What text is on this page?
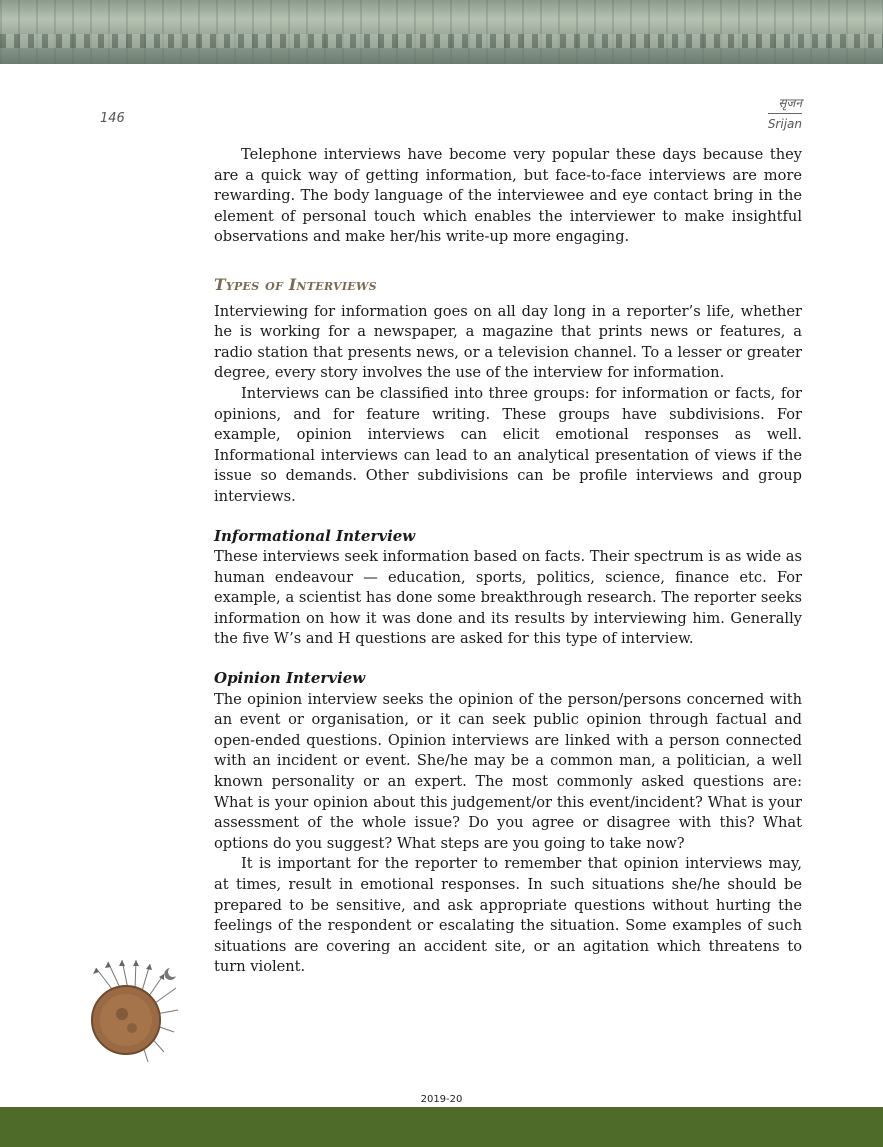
146
सृजन
Srijan

Telephone interviews have become very popular these days because they are a quick way of getting information, but face-to-face interviews are more rewarding. The body language of the interviewee and eye contact bring in the element of personal touch which enables the interviewer to make insightful observations and make her/his write-up more engaging.

Types of Interviews

Interviewing for information goes on all day long in a reporter’s life, whether he is working for a newspaper, a magazine that prints news or features, a radio station that presents news, or a television channel. To a lesser or greater degree, every story involves the use of the interview for information.

Interviews can be classified into three groups: for information or facts, for opinions, and for feature writing. These groups have subdivisions. For example, opinion interviews can elicit emotional responses as well. Informational interviews can lead to an analytical presentation of views if the issue so demands. Other subdivisions can be profile interviews and group interviews.

Informational Interview

These interviews seek information based on facts. Their spectrum is as wide as human endeavour — education, sports, politics, science, finance etc. For example, a scientist has done some breakthrough research. The reporter seeks information on how it was done and its results by interviewing him. Generally the five W’s and H questions are asked for this type of interview.

Opinion Interview

The opinion interview seeks the opinion of the person/persons concerned with an event or organisation, or it can seek public opinion through factual and open-ended questions. Opinion interviews are linked with a person connected with an incident or event. She/he may be a common man, a politician, a well known personality or an expert. The most commonly asked questions are: What is your opinion about this judgement/or this event/incident? What is your assessment of the whole issue? Do you agree or disagree with this? What options do you suggest? What steps are you going to take now?

It is important for the reporter to remember that opinion interviews may, at times, result in emotional responses. In such situations she/he should be prepared to be sensitive, and ask appropriate questions without hurting the feelings of the respondent or escalating the situation. Some examples of such situations are covering an accident site, or an agitation which threatens to turn violent.

2019-20
